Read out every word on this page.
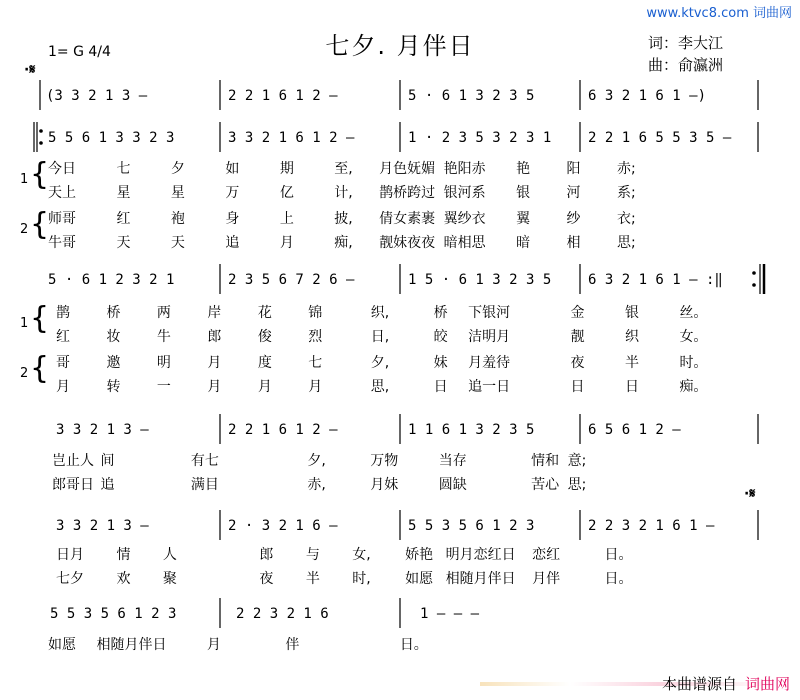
www.ktvc8.com 词曲网
七夕. 月伴日
·𝄋
1= G 4/4	词：李大江
曲：俞瀛洲
(3 3 2 1 3 —	2 2 1 6 1 2 —	5 · 6 1 3 2 3 5	6 3 2 1 6 1 —)
5 5 6 1 3 3 2 3	3 3 2 1 6 1 2 —	1 · 2 3 5 3 2 3 1	2 2 1 6 5 5 3 5 —
1 {
2 {
今日	七	夕	如	期	至, 月色妩媚 艳阳赤 艳	阳	赤;
天上	星	星	万	亿	计, 鹊桥跨过 银河系 银	河	系;
师哥	红	袍	身	上	披, 倩女素裹 翼纱衣 翼	纱	衣;
牛哥	天	天	追	月	痴, 靓妹夜夜 暗相思 暗	相	思;
5 · 6 1 2 3 2 1	2 3 5 6 7 2 6 —	1 5 · 6 1 3 2 3 5	6 3 2 1 6 1 — :‖
1 {
2 {
鹊	桥	两	岸	花	锦	织,	桥 下银河	金	银	丝。
红	妆	牛	郎	俊	烈	日,	皎 洁明月	靓	织	女。
哥	邀	明	月	度	七	夕,	妹 月羞待	夜	半	时。
月	转	一	月	月	月	思,	日 追一日	日	日	痴。
3 3 2 1 3 —	2 2 1 6 1 2 —	1 1 6 1 3 2 3 5	6 5 6 1 2 —
岂止人 间	有七	夕,	万物	当存	情和 意;
郎哥日 追	满目	赤,	月妹	圆缺	苦心 思;
·𝄋
3 3 2 1 3 —	2 · 3 2 1 6 —	5 5 3 5 6 1 2 3	2 2 3 2 1 6 1 —
日月 情 人	郎 与 女, 娇艳 明月恋红日 恋红	日。
七夕 欢 聚	夜 半 时, 如愿 相随月伴日 月伴	日。
5 5 3 5 6 1 2 3	2 2 3 2 1 6	1 — — —
如愿 相随月伴日	月	伴	日。
本曲谱源自 词曲网
